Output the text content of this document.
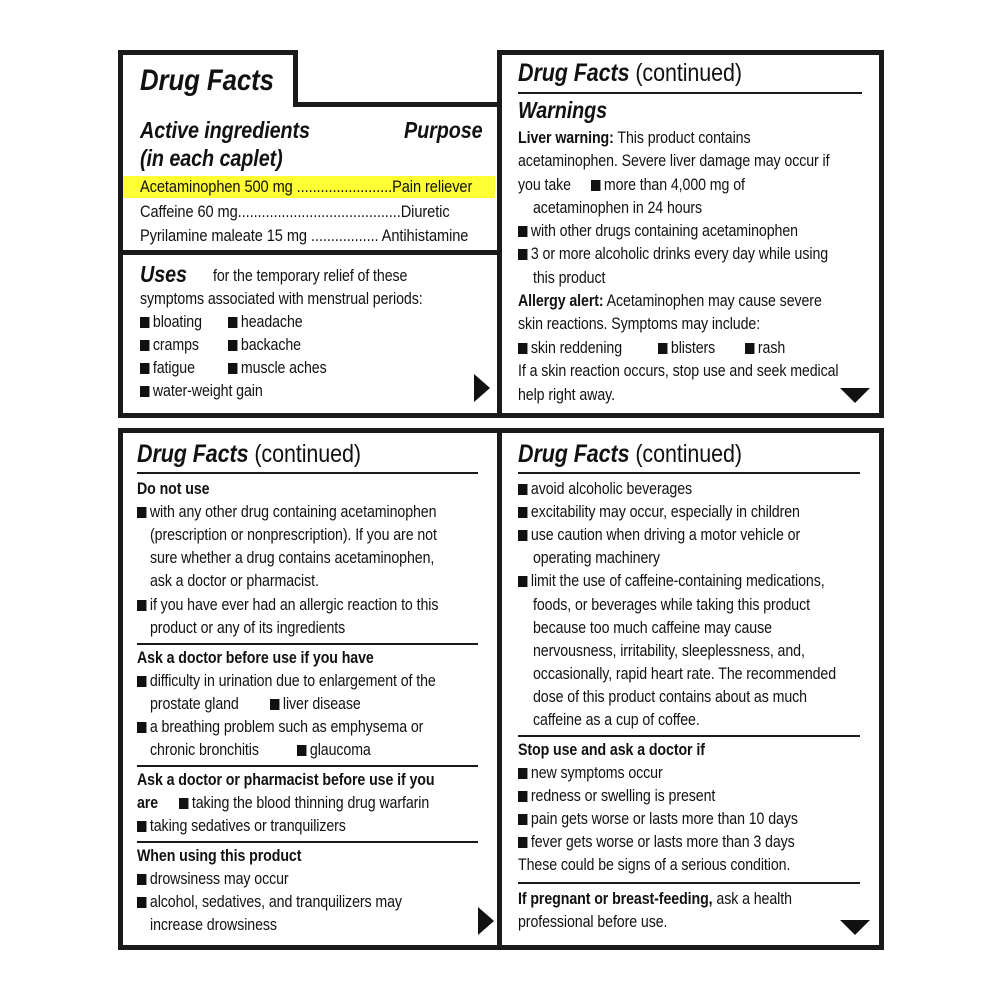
Drug Facts
Active ingredients	Purpose
(in each caplet)
Acetaminophen 500 mg ........................Pain reliever
Caffeine 60 mg.........................................Diuretic
Pyrilamine maleate 15 mg ................. Antihistamine
Uses for the temporary relief of these
symptoms associated with menstrual periods:
bloating	headache
cramps	backache
fatigue	muscle aches
water-weight gain
Drug Facts (continued)
Warnings
Liver warning: This product contains
acetaminophen. Severe liver damage may occur if
you take	more than 4,000 mg of
acetaminophen in 24 hours
with other drugs containing acetaminophen
3 or more alcoholic drinks every day while using
this product
Allergy alert: Acetaminophen may cause severe
skin reactions. Symptoms may include:
skin reddening	blisters	rash
If a skin reaction occurs, stop use and seek medical
help right away.
Drug Facts (continued)
Do not use
with any other drug containing acetaminophen
(prescription or nonprescription). If you are not
sure whether a drug contains acetaminophen,
ask a doctor or pharmacist.
if you have ever had an allergic reaction to this
product or any of its ingredients
Ask a doctor before use if you have
difficulty in urination due to enlargement of the
prostate gland	liver disease
a breathing problem such as emphysema or
chronic bronchitis	glaucoma
Ask a doctor or pharmacist before use if you
are	taking the blood thinning drug warfarin
taking sedatives or tranquilizers
When using this product
drowsiness may occur
alcohol, sedatives, and tranquilizers may
increase drowsiness
Drug Facts (continued)
avoid alcoholic beverages
excitability may occur, especially in children
use caution when driving a motor vehicle or
operating machinery
limit the use of caffeine-containing medications,
foods, or beverages while taking this product
because too much caffeine may cause
nervousness, irritability, sleeplessness, and,
occasionally, rapid heart rate. The recommended
dose of this product contains about as much
caffeine as a cup of coffee.
Stop use and ask a doctor if
new symptoms occur
redness or swelling is present
pain gets worse or lasts more than 10 days
fever gets worse or lasts more than 3 days
These could be signs of a serious condition.
If pregnant or breast-feeding, ask a health
professional before use.
